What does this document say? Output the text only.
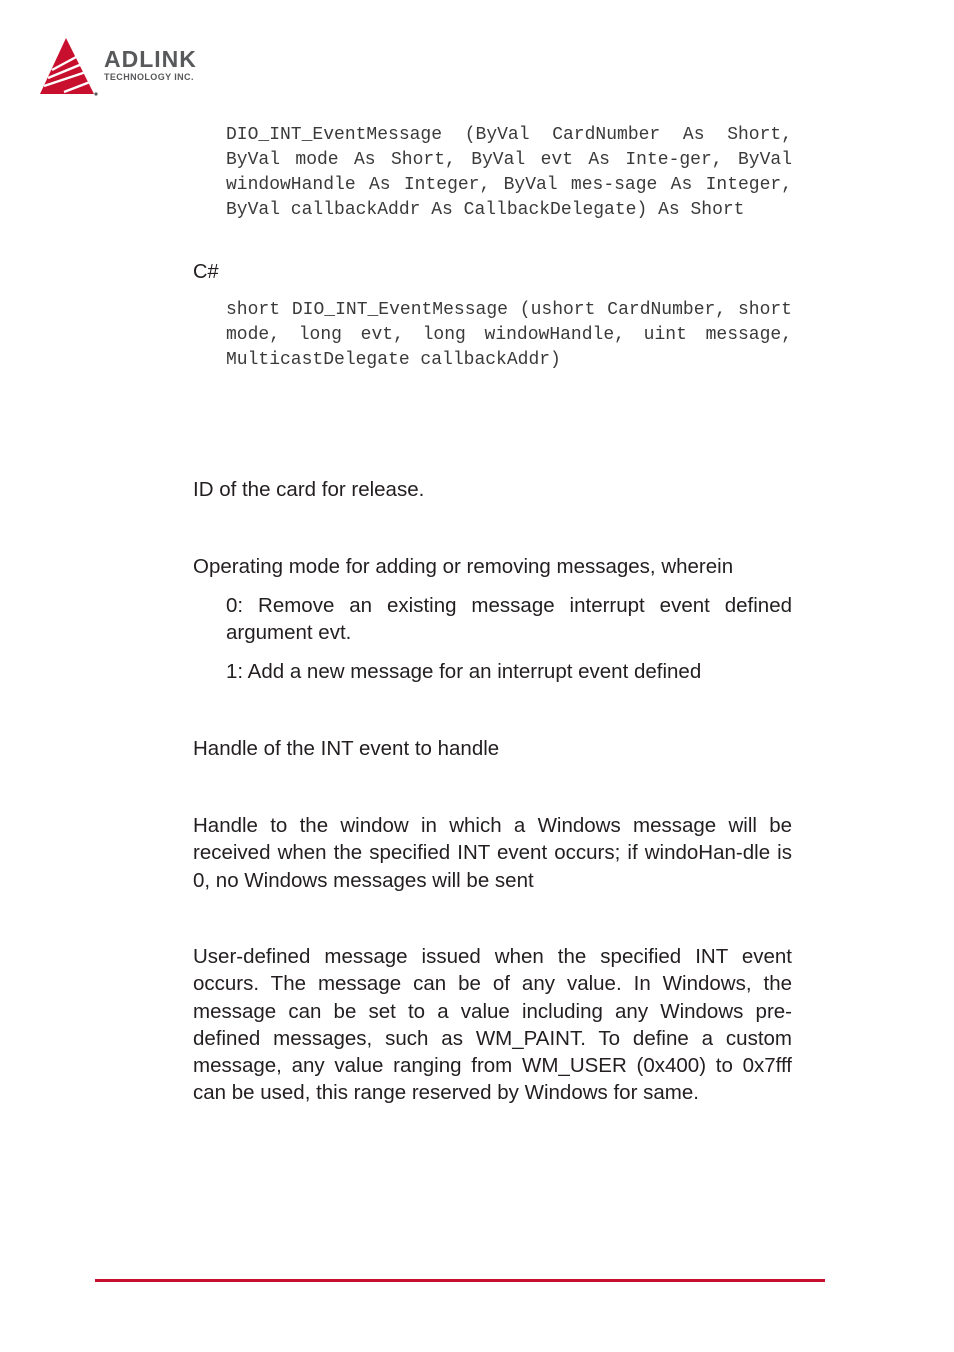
ADLINK
TECHNOLOGY INC.

DIO_INT_EventMessage (ByVal CardNumber As Short, ByVal mode As Short, ByVal evt As Inte-ger, ByVal windowHandle As Integer, ByVal mes-sage As Integer, ByVal callbackAddr As CallbackDelegate) As Short

C#

short DIO_INT_EventMessage (ushort CardNumber, short mode, long evt, long windowHandle, uint message, MulticastDelegate callbackAddr)

ID of the card for release.

Operating mode for adding or removing messages, wherein

0: Remove an existing message interrupt event defined argument evt.

1: Add a new message for an interrupt event defined

Handle of the INT event to handle

Handle to the window in which a Windows message will be received when the specified INT event occurs; if windoHan-dle is 0, no Windows messages will be sent

User-defined message issued when the specified INT event occurs. The message can be of any value. In Windows, the message can be set to a value including any Windows pre-defined messages, such as WM_PAINT. To define a custom message, any value ranging from WM_USER (0x400) to 0x7fff can be used, this range reserved by Windows for same.
